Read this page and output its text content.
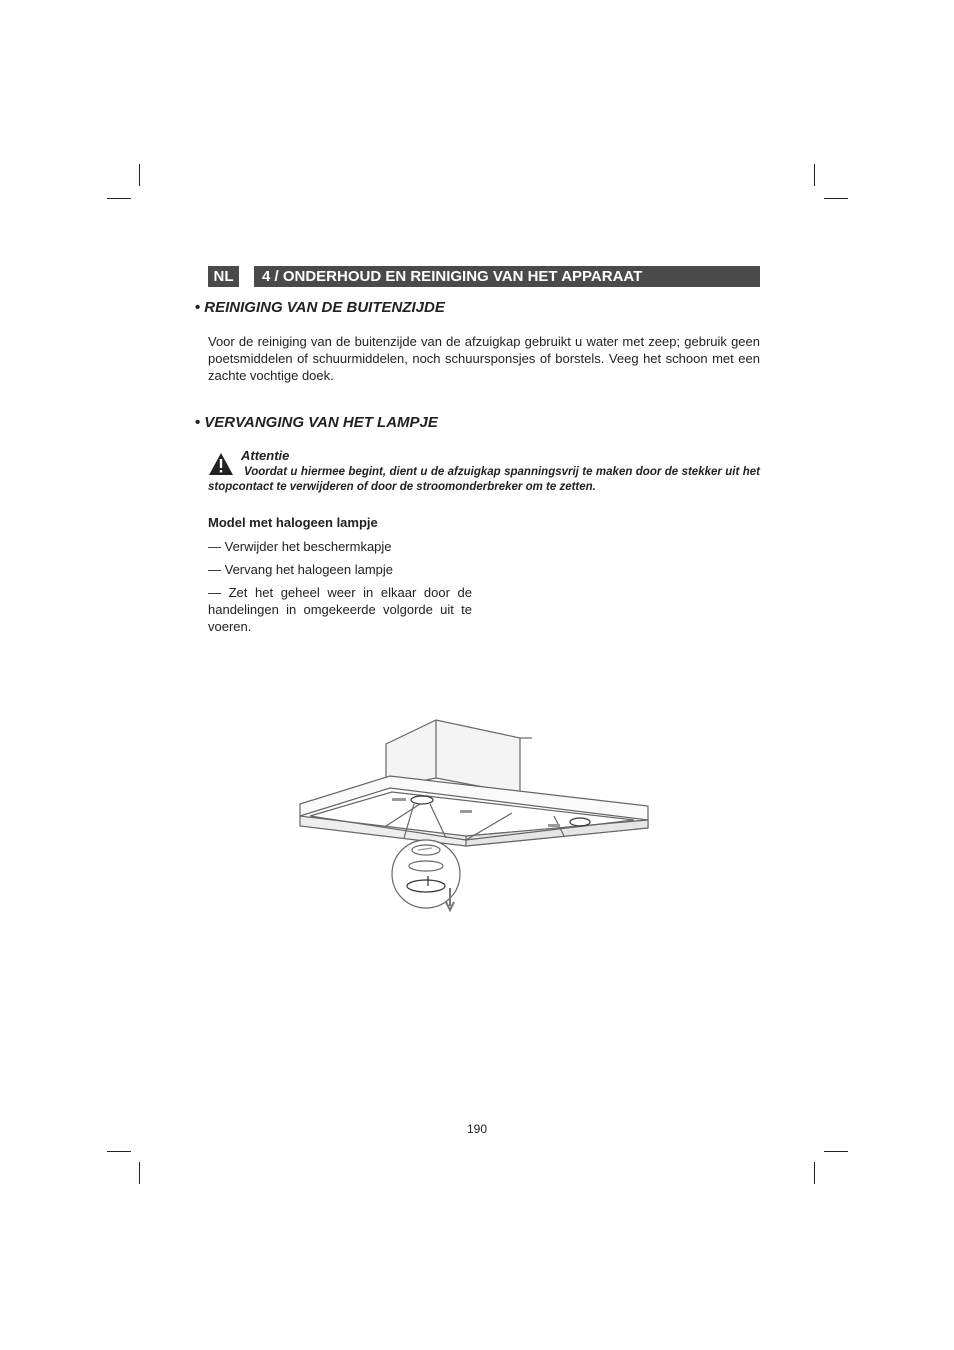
NL	4 / ONDERHOUD EN REINIGING VAN HET APPARAAT
• REINIGING VAN DE BUITENZIJDE
Voor de reiniging van de buitenzijde van de afzuigkap gebruikt u water met zeep; gebruik geen poetsmiddelen of schuurmiddelen, noch schuursponsjes of borstels. Veeg het schoon met een zachte vochtige doek.
• VERVANGING VAN HET LAMPJE
Attentie
Voordat u hiermee begint, dient u de afzuigkap spanningsvrij te maken door de stekker uit het stopcontact te verwijderen of door de stroomonderbreker om te zetten.
Model met halogeen lampje
— Verwijder het beschermkapje
— Vervang het halogeen lampje
— Zet het geheel weer in elkaar door de handelingen in omgekeerde volgorde uit te voeren.
190
